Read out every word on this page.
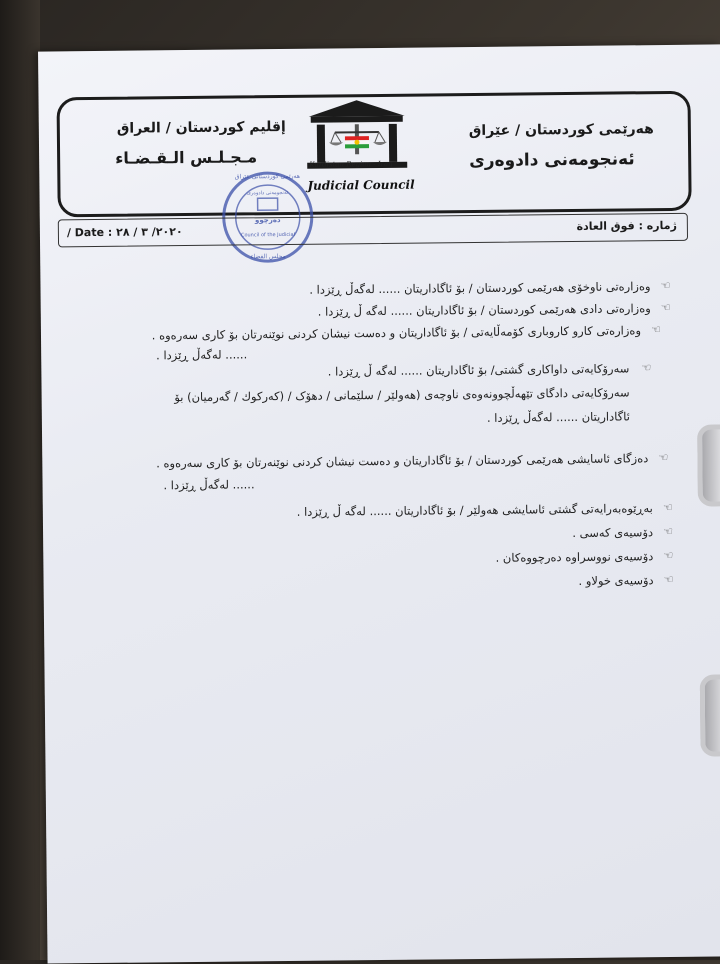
إقليم كوردستان / العراق
مـجـلـس الـقـضـاء
هەرێمی کوردستان / عێراق
ئەنجومەنی دادوەری
Kurdistan Region - Iraq
Judicial Council
هەرێمی کوردستانی عێراق
ئەنجومەنی دادوەری
دەرچوو
Council of the Judicial
مجلس القضاء
/ Date : ٢٠٢٠/ ٣ / ٢٨	ژمارە : فوق العادة
وەزارەتی ناوخۆی هەرێمی کوردستان / بۆ ئاگاداریتان ...... لەگەڵ ڕێزدا . ☜
وەزارەتی دادی هەرێمی کوردستان / بۆ ئاگاداریتان ...... لەگە ڵ ڕێزدا . ☜
وەزارەتی کارو کاروباری کۆمەڵایەتی / بۆ ئاگاداریتان و دەست نیشان کردنی نوێنەرتان بۆ کاری سەرەوە . ☜
...... لەگەڵ ڕێزدا .
سەرۆکایەتی داواکاری گشتی/ بۆ ئاگاداریتان ...... لەگە ڵ ڕێزدا . ☜
سەرۆکایەتی دادگای تێهەڵچوونەوەی ناوچەی (هەولێر / سلێمانی / دهۆک / (کەرکوك / گەرمیان) بۆ
ئاگاداریتان ...... لەگەڵ ڕێزدا .
دەزگای ئاسایشی هەرێمی کوردستان / بۆ ئاگاداریتان و دەست نیشان کردنی نوێنەرتان بۆ کاری سەرەوە . ☜
...... لەگەڵ ڕێزدا .
بەڕێوەبەرایەتی گشتی ئاسایشی هەولێر / بۆ ئاگاداریتان ...... لەگە ڵ ڕێزدا . ☜
دۆسیەی کەسی . ☜
دۆسیەی نووسراوە دەرچووەکان . ☜
دۆسیەی خولاو . ☜
